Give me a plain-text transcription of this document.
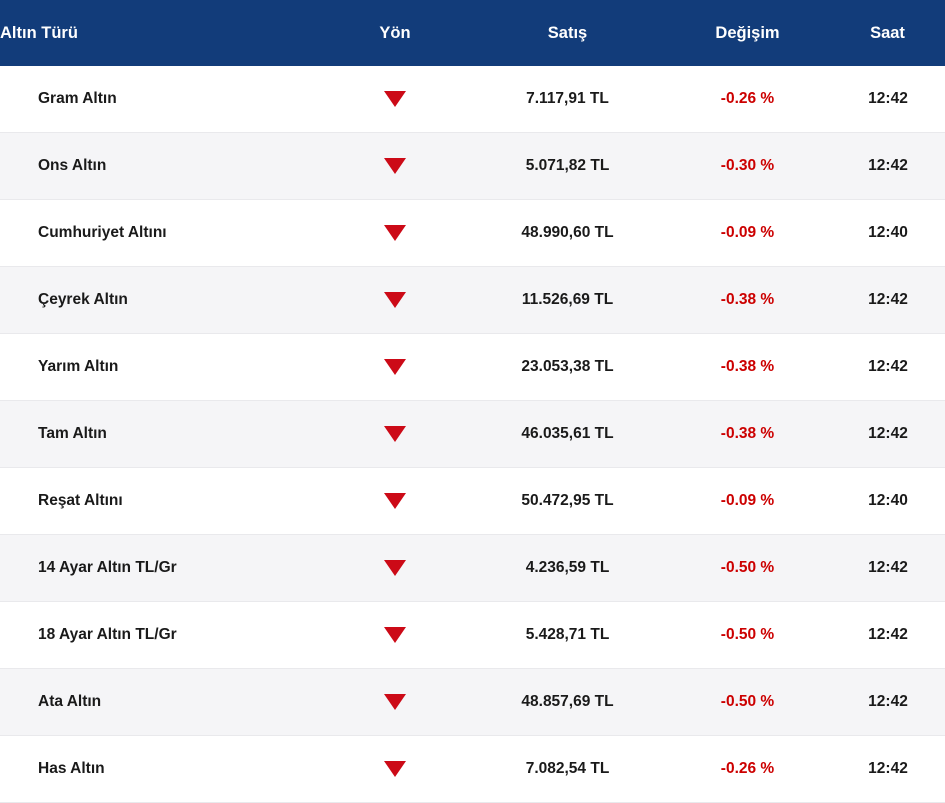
Altın Türü	Yön	Satış	Değişim	Saat
Gram Altın		7.117,91 TL	-0.26 %	12:42
Ons Altın		5.071,82 TL	-0.30 %	12:42
Cumhuriyet Altını		48.990,60 TL	-0.09 %	12:40
Çeyrek Altın		11.526,69 TL	-0.38 %	12:42
Yarım Altın		23.053,38 TL	-0.38 %	12:42
Tam Altın		46.035,61 TL	-0.38 %	12:42
Reşat Altını		50.472,95 TL	-0.09 %	12:40
14 Ayar Altın TL/Gr		4.236,59 TL	-0.50 %	12:42
18 Ayar Altın TL/Gr		5.428,71 TL	-0.50 %	12:42
Ata Altın		48.857,69 TL	-0.50 %	12:42
Has Altın		7.082,54 TL	-0.26 %	12:42
